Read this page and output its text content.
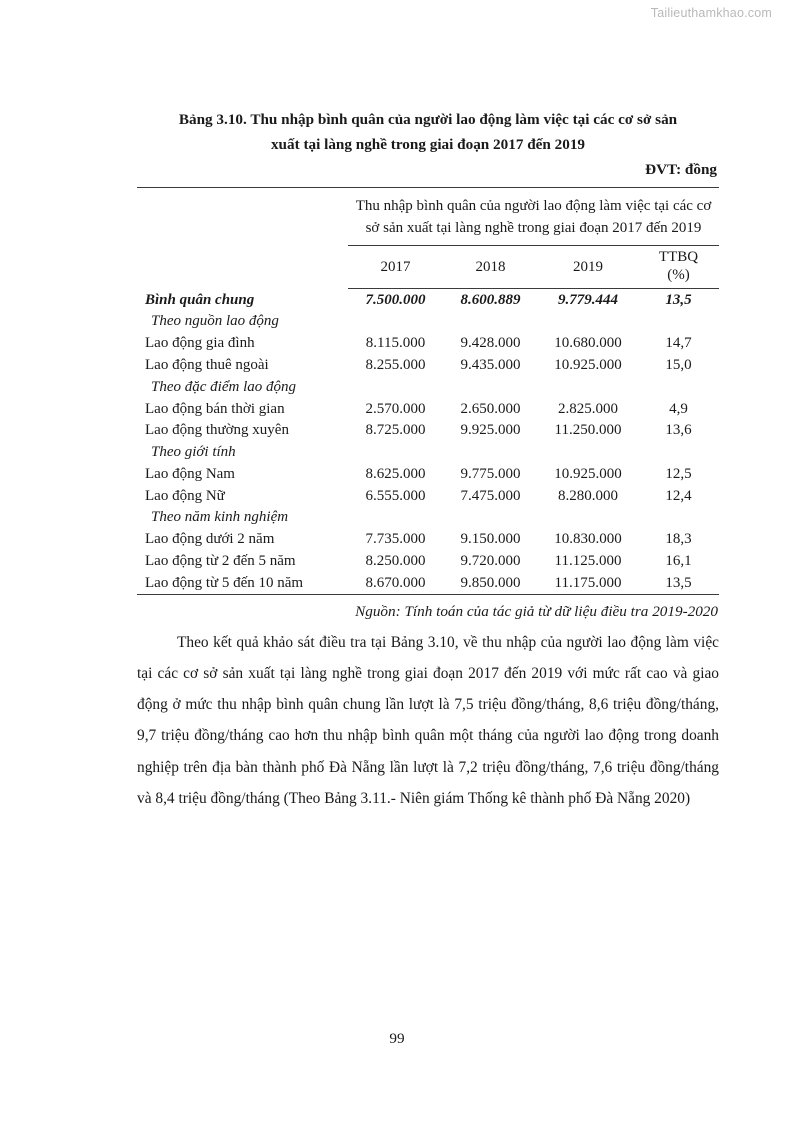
Tailieuthamkhao.com
Bảng 3.10. Thu nhập bình quân của người lao động làm việc tại các cơ sở sản
xuất tại làng nghề trong giai đoạn 2017 đến 2019
ĐVT: đồng

	Thu nhập bình quân của người lao động làm việc tại các cơ sở sản xuất tại làng nghề trong giai đoạn 2017 đến 2019			

	2017	2018	2019	TTBQ
(%)

Bình quân chung	7.500.000	8.600.889	9.779.444	13,5
Theo nguồn lao động				
Lao động gia đình	8.115.000	9.428.000	10.680.000	14,7
Lao động thuê ngoài	8.255.000	9.435.000	10.925.000	15,0
Theo đặc điểm lao động				
Lao động bán thời gian	2.570.000	2.650.000	2.825.000	4,9
Lao động thường xuyên	8.725.000	9.925.000	11.250.000	13,6
Theo giới tính				
Lao động Nam	8.625.000	9.775.000	10.925.000	12,5
Lao động Nữ	6.555.000	7.475.000	8.280.000	12,4
Theo năm kinh nghiệm				
Lao động dưới 2 năm	7.735.000	9.150.000	10.830.000	18,3
Lao động từ 2 đến 5 năm	8.250.000	9.720.000	11.125.000	16,1
Lao động từ 5 đến 10 năm	8.670.000	9.850.000	11.175.000	13,5

Nguồn: Tính toán của tác giả từ dữ liệu điều tra 2019-2020

Theo kết quả khảo sát điều tra tại Bảng 3.10, về thu nhập của người lao động làm việc tại các cơ sở sản xuất tại làng nghề trong giai đoạn 2017 đến 2019 với mức rất cao và giao động ở mức thu nhập bình quân chung lần lượt là 7,5 triệu đồng/tháng, 8,6 triệu đồng/tháng, 9,7 triệu đồng/tháng cao hơn thu nhập bình quân một tháng của người lao động trong doanh nghiệp trên địa bàn thành phố Đà Nẵng lần lượt là 7,2 triệu đồng/tháng, 7,6 triệu đồng/tháng và 8,4 triệu đồng/tháng (Theo Bảng 3.11.- Niên giám Thống kê thành phố Đà Nẵng 2020)

99
